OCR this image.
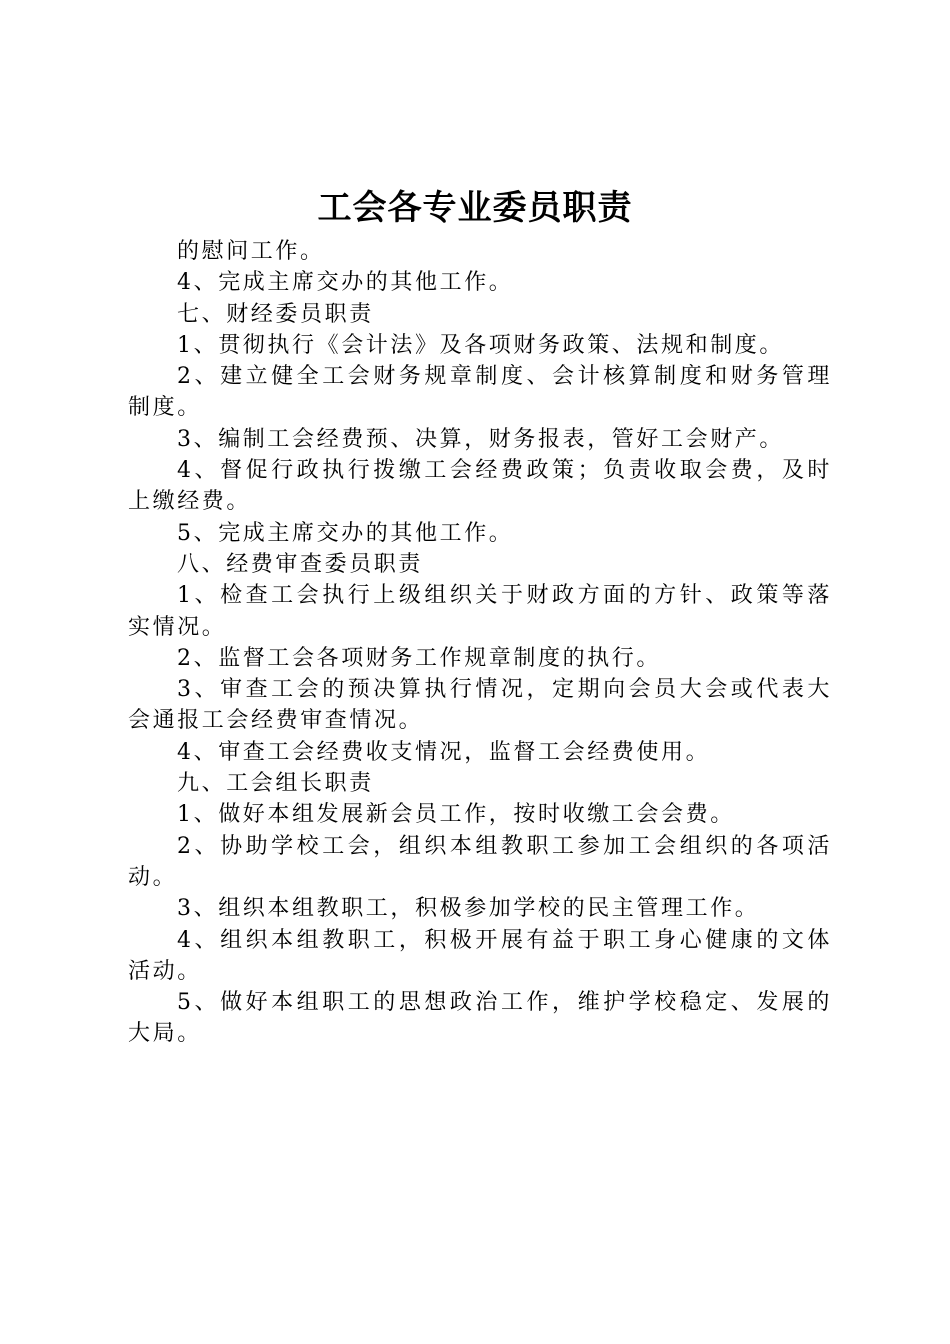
工会各专业委员职责

的慰问工作。

4、完成主席交办的其他工作。

七、财经委员职责

1、贯彻执行《会计法》及各项财务政策、法规和制度。

2、建立健全工会财务规章制度、会计核算制度和财务管理制度。

3、编制工会经费预、决算，财务报表，管好工会财产。

4、督促行政执行拨缴工会经费政策；负责收取会费，及时上缴经费。

5、完成主席交办的其他工作。

八、经费审查委员职责

1、检查工会执行上级组织关于财政方面的方针、政策等落实情况。

2、监督工会各项财务工作规章制度的执行。

3、审查工会的预决算执行情况，定期向会员大会或代表大会通报工会经费审查情况。

4、审查工会经费收支情况，监督工会经费使用。

九、工会组长职责

1、做好本组发展新会员工作，按时收缴工会会费。

2、协助学校工会，组织本组教职工参加工会组织的各项活动。

3、组织本组教职工，积极参加学校的民主管理工作。

4、组织本组教职工，积极开展有益于职工身心健康的文体活动。

5、做好本组职工的思想政治工作，维护学校稳定、发展的大局。
